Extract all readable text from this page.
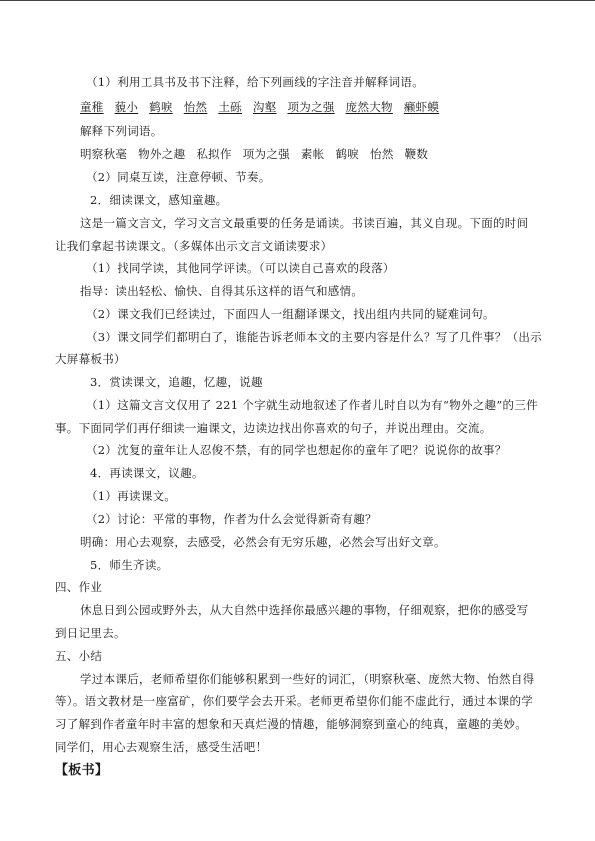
（1）利用工具书及书下注释，给下列画线的字注音并解释词语。
解释下列词语。
（2）同桌互读，注意停顿、节奏。
2．细读课文，感知童趣。
这是一篇文言文，学习文言文最重要的任务是诵读。书读百遍，其义自现。下面的时间
让我们拿起书读课文。（多媒体出示文言文诵读要求）
（1）找同学读，其他同学评读。（可以读自己喜欢的段落）
指导：读出轻松、愉快、自得其乐这样的语气和感情。
（2）课文我们已经读过，下面四人一组翻译课文，找出组内共同的疑难词句。
（3）课文同学们都明白了，谁能告诉老师本文的主要内容是什么？写了几件事？（出示
大屏幕板书）
3．赏读课文，追趣，忆趣，说趣
（1）这篇文言文仅用了 221 个字就生动地叙述了作者儿时自以为有“物外之趣”的三件
事。下面同学们再仔细读一遍课文，边读边找出你喜欢的句子，并说出理由。交流。
（2）沈复的童年让人忍俊不禁，有的同学也想起你的童年了吧？说说你的故事？
4．再读课文，议趣。
（1）再读课文。
（2）讨论：平常的事物，作者为什么会觉得新奇有趣？
明确：用心去观察，去感受，必然会有无穷乐趣，必然会写出好文章。
5．师生齐读。
四、作业
休息日到公园或野外去，从大自然中选择你最感兴趣的事物，仔细观察，把你的感受写
到日记里去。
五、小结
学过本课后，老师希望你们能够积累到一些好的词汇，（明察秋毫、庞然大物、怡然自得
等）。语文教材是一座富矿，你们要学会去开采。老师更希望你们能不虚此行，通过本课的学
习了解到作者童年时丰富的想象和天真烂漫的情趣，能够洞察到童心的纯真，童趣的美妙。
同学们，用心去观察生活，感受生活吧！
童稚 藐小 鹤唳 怡然 土砾 沟壑 项为之强 庞然大物 癞虾蟆
明察秋毫 物外之趣 私拟作 项为之强 素帐 鹤唳 怡然 鞭数
【板书】
